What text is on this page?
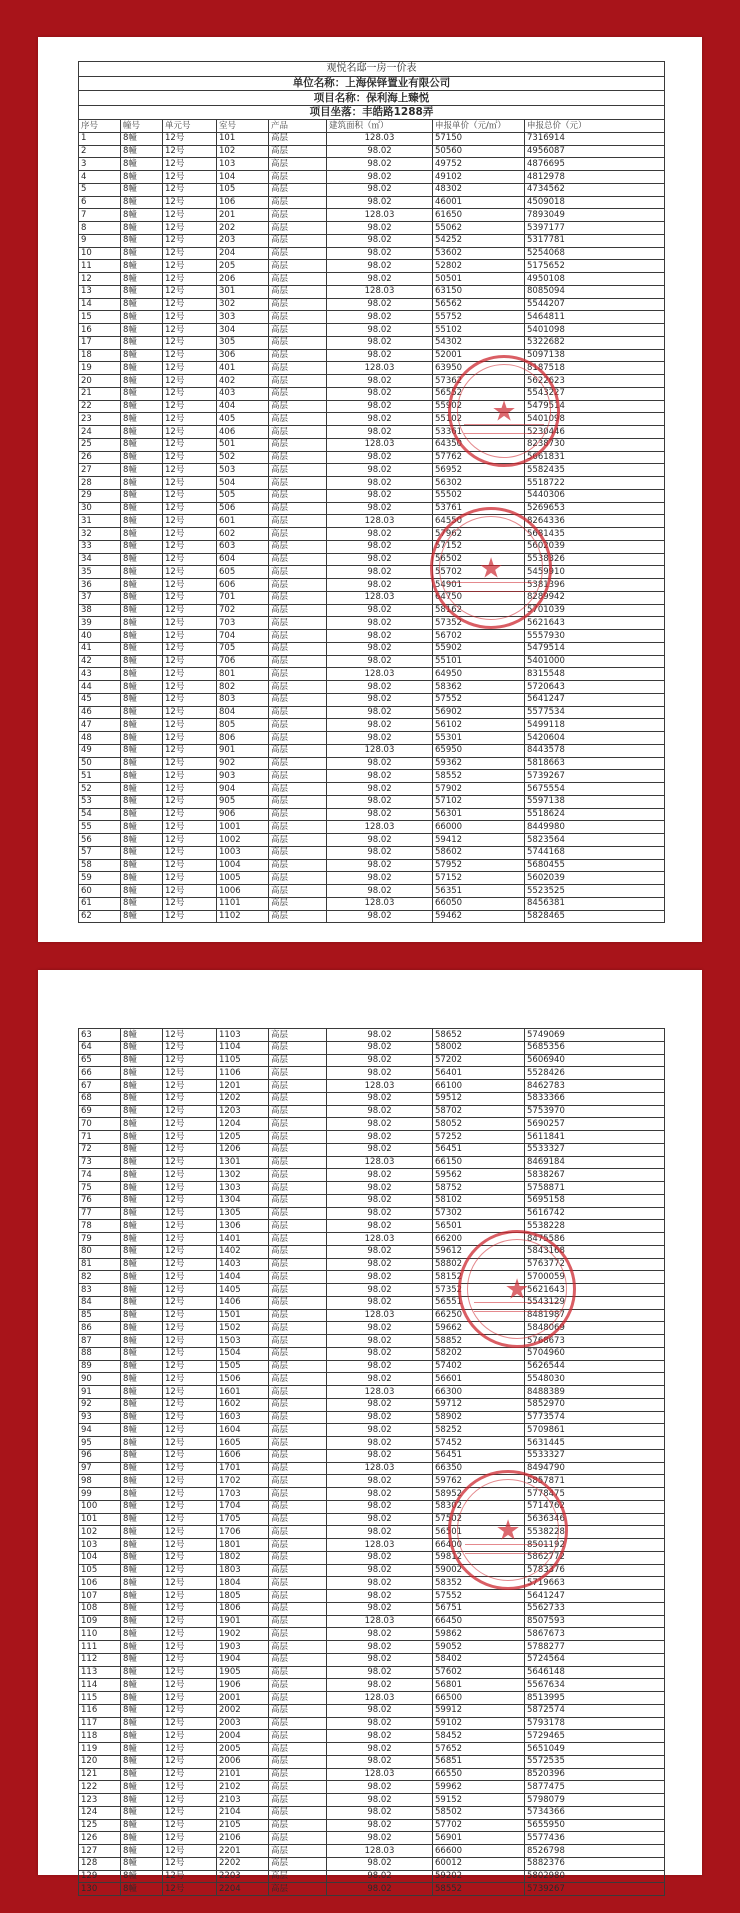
观悦名邸一房一价表							
单位名称：上海保铎置业有限公司							
项目名称：保利海上臻悦							
项目坐落：丰皓路1288弄							
序号	幢号	单元号	室号	产品	建筑面积（㎡）	申报单价（元/㎡）	申报总价（元）
1	8幢	12号	101	高层	128.03	57150	7316914
2	8幢	12号	102	高层	98.02	50560	4956087
3	8幢	12号	103	高层	98.02	49752	4876695
4	8幢	12号	104	高层	98.02	49102	4812978
5	8幢	12号	105	高层	98.02	48302	4734562
6	8幢	12号	106	高层	98.02	46001	4509018
7	8幢	12号	201	高层	128.03	61650	7893049
8	8幢	12号	202	高层	98.02	55062	5397177
9	8幢	12号	203	高层	98.02	54252	5317781
10	8幢	12号	204	高层	98.02	53602	5254068
11	8幢	12号	205	高层	98.02	52802	5175652
12	8幢	12号	206	高层	98.02	50501	4950108
13	8幢	12号	301	高层	128.03	63150	8085094
14	8幢	12号	302	高层	98.02	56562	5544207
15	8幢	12号	303	高层	98.02	55752	5464811
16	8幢	12号	304	高层	98.02	55102	5401098
17	8幢	12号	305	高层	98.02	54302	5322682
18	8幢	12号	306	高层	98.02	52001	5097138
19	8幢	12号	401	高层	128.03	63950	8187518
20	8幢	12号	402	高层	98.02	57362	5622623
21	8幢	12号	403	高层	98.02	56552	5543227
22	8幢	12号	404	高层	98.02	55902	5479514
23	8幢	12号	405	高层	98.02	55102	5401098
24	8幢	12号	406	高层	98.02	53361	5230446
25	8幢	12号	501	高层	128.03	64350	8238730
26	8幢	12号	502	高层	98.02	57762	5661831
27	8幢	12号	503	高层	98.02	56952	5582435
28	8幢	12号	504	高层	98.02	56302	5518722
29	8幢	12号	505	高层	98.02	55502	5440306
30	8幢	12号	506	高层	98.02	53761	5269653
31	8幢	12号	601	高层	128.03	64550	8264336
32	8幢	12号	602	高层	98.02	57962	5681435
33	8幢	12号	603	高层	98.02	57152	5602039
34	8幢	12号	604	高层	98.02	56502	5538326
35	8幢	12号	605	高层	98.02	55702	5459910
36	8幢	12号	606	高层	98.02	54901	5381396
37	8幢	12号	701	高层	128.03	64750	8289942
38	8幢	12号	702	高层	98.02	58162	5701039
39	8幢	12号	703	高层	98.02	57352	5621643
40	8幢	12号	704	高层	98.02	56702	5557930
41	8幢	12号	705	高层	98.02	55902	5479514
42	8幢	12号	706	高层	98.02	55101	5401000
43	8幢	12号	801	高层	128.03	64950	8315548
44	8幢	12号	802	高层	98.02	58362	5720643
45	8幢	12号	803	高层	98.02	57552	5641247
46	8幢	12号	804	高层	98.02	56902	5577534
47	8幢	12号	805	高层	98.02	56102	5499118
48	8幢	12号	806	高层	98.02	55301	5420604
49	8幢	12号	901	高层	128.03	65950	8443578
50	8幢	12号	902	高层	98.02	59362	5818663
51	8幢	12号	903	高层	98.02	58552	5739267
52	8幢	12号	904	高层	98.02	57902	5675554
53	8幢	12号	905	高层	98.02	57102	5597138
54	8幢	12号	906	高层	98.02	56301	5518624
55	8幢	12号	1001	高层	128.03	66000	8449980
56	8幢	12号	1002	高层	98.02	59412	5823564
57	8幢	12号	1003	高层	98.02	58602	5744168
58	8幢	12号	1004	高层	98.02	57952	5680455
59	8幢	12号	1005	高层	98.02	57152	5602039
60	8幢	12号	1006	高层	98.02	56351	5523525
61	8幢	12号	1101	高层	128.03	66050	8456381
62	8幢	12号	1102	高层	98.02	59462	5828465
★
★
63	8幢	12号	1103	高层	98.02	58652	5749069
64	8幢	12号	1104	高层	98.02	58002	5685356
65	8幢	12号	1105	高层	98.02	57202	5606940
66	8幢	12号	1106	高层	98.02	56401	5528426
67	8幢	12号	1201	高层	128.03	66100	8462783
68	8幢	12号	1202	高层	98.02	59512	5833366
69	8幢	12号	1203	高层	98.02	58702	5753970
70	8幢	12号	1204	高层	98.02	58052	5690257
71	8幢	12号	1205	高层	98.02	57252	5611841
72	8幢	12号	1206	高层	98.02	56451	5533327
73	8幢	12号	1301	高层	128.03	66150	8469184
74	8幢	12号	1302	高层	98.02	59562	5838267
75	8幢	12号	1303	高层	98.02	58752	5758871
76	8幢	12号	1304	高层	98.02	58102	5695158
77	8幢	12号	1305	高层	98.02	57302	5616742
78	8幢	12号	1306	高层	98.02	56501	5538228
79	8幢	12号	1401	高层	128.03	66200	8475586
80	8幢	12号	1402	高层	98.02	59612	5843168
81	8幢	12号	1403	高层	98.02	58802	5763772
82	8幢	12号	1404	高层	98.02	58152	5700059
83	8幢	12号	1405	高层	98.02	57352	5621643
84	8幢	12号	1406	高层	98.02	56551	5543129
85	8幢	12号	1501	高层	128.03	66250	8481987
86	8幢	12号	1502	高层	98.02	59662	5848069
87	8幢	12号	1503	高层	98.02	58852	5768673
88	8幢	12号	1504	高层	98.02	58202	5704960
89	8幢	12号	1505	高层	98.02	57402	5626544
90	8幢	12号	1506	高层	98.02	56601	5548030
91	8幢	12号	1601	高层	128.03	66300	8488389
92	8幢	12号	1602	高层	98.02	59712	5852970
93	8幢	12号	1603	高层	98.02	58902	5773574
94	8幢	12号	1604	高层	98.02	58252	5709861
95	8幢	12号	1605	高层	98.02	57452	5631445
96	8幢	12号	1606	高层	98.02	56451	5533327
97	8幢	12号	1701	高层	128.03	66350	8494790
98	8幢	12号	1702	高层	98.02	59762	5857871
99	8幢	12号	1703	高层	98.02	58952	5778475
100	8幢	12号	1704	高层	98.02	58302	5714762
101	8幢	12号	1705	高层	98.02	57502	5636346
102	8幢	12号	1706	高层	98.02	56501	5538228
103	8幢	12号	1801	高层	128.03	66400	8501192
104	8幢	12号	1802	高层	98.02	59812	5862772
105	8幢	12号	1803	高层	98.02	59002	5783376
106	8幢	12号	1804	高层	98.02	58352	5719663
107	8幢	12号	1805	高层	98.02	57552	5641247
108	8幢	12号	1806	高层	98.02	56751	5562733
109	8幢	12号	1901	高层	128.03	66450	8507593
110	8幢	12号	1902	高层	98.02	59862	5867673
111	8幢	12号	1903	高层	98.02	59052	5788277
112	8幢	12号	1904	高层	98.02	58402	5724564
113	8幢	12号	1905	高层	98.02	57602	5646148
114	8幢	12号	1906	高层	98.02	56801	5567634
115	8幢	12号	2001	高层	128.03	66500	8513995
116	8幢	12号	2002	高层	98.02	59912	5872574
117	8幢	12号	2003	高层	98.02	59102	5793178
118	8幢	12号	2004	高层	98.02	58452	5729465
119	8幢	12号	2005	高层	98.02	57652	5651049
120	8幢	12号	2006	高层	98.02	56851	5572535
121	8幢	12号	2101	高层	128.03	66550	8520396
122	8幢	12号	2102	高层	98.02	59962	5877475
123	8幢	12号	2103	高层	98.02	59152	5798079
124	8幢	12号	2104	高层	98.02	58502	5734366
125	8幢	12号	2105	高层	98.02	57702	5655950
126	8幢	12号	2106	高层	98.02	56901	5577436
127	8幢	12号	2201	高层	128.03	66600	8526798
128	8幢	12号	2202	高层	98.02	60012	5882376
129	8幢	12号	2203	高层	98.02	59202	5802980
130	8幢	12号	2204	高层	98.02	58552	5739267
★
★
